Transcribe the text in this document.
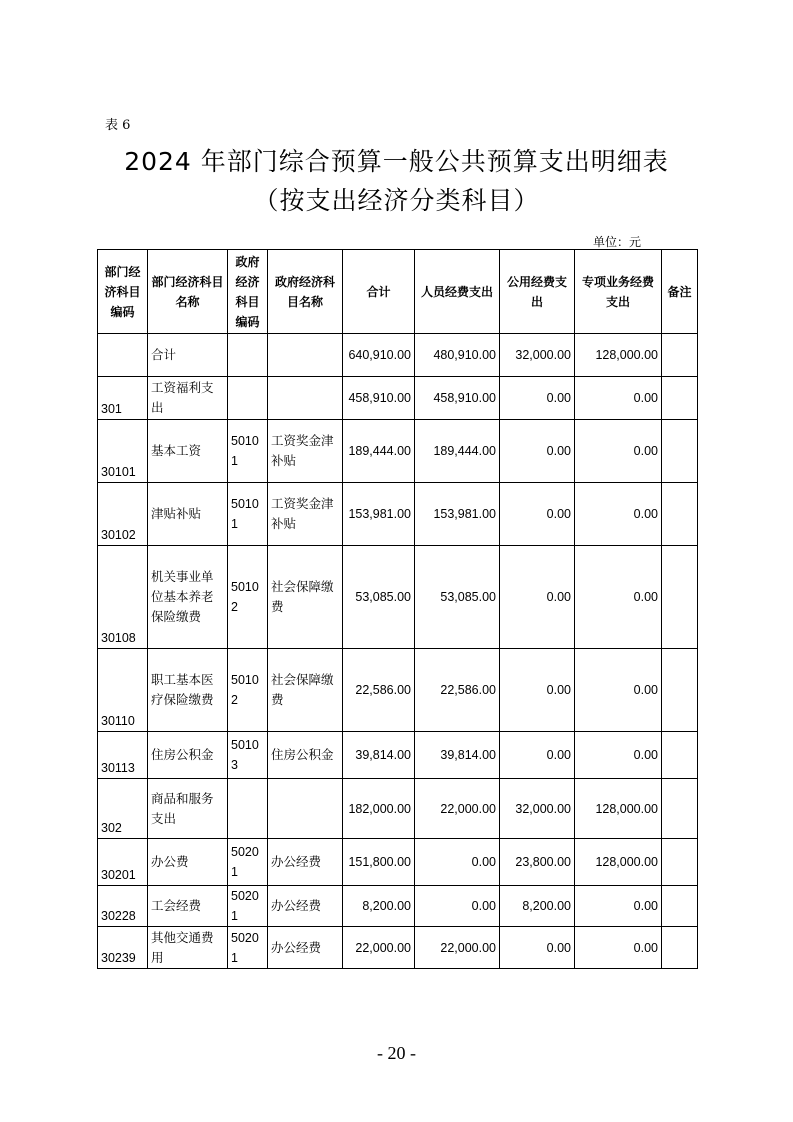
表 6
2024 年部门综合预算一般公共预算支出明细表
（按支出经济分类科目）
单位：元
部门经济科目编码	部门经济科目名称	政府经济科目编码	政府经济科目名称	合计	人员经费支出	公用经费支出	专项业务经费支出	备注
	合计			640,910.00	480,910.00	32,000.00	128,000.00	
301	工资福利支出			458,910.00	458,910.00	0.00	0.00	
30101	基本工资	50101	工资奖金津补贴	189,444.00	189,444.00	0.00	0.00	
30102	津贴补贴	50101	工资奖金津补贴	153,981.00	153,981.00	0.00	0.00	
30108	机关事业单位基本养老保险缴费	50102	社会保障缴费	53,085.00	53,085.00	0.00	0.00	
30110	职工基本医疗保险缴费	50102	社会保障缴费	22,586.00	22,586.00	0.00	0.00	
30113	住房公积金	50103	住房公积金	39,814.00	39,814.00	0.00	0.00	
302	商品和服务支出			182,000.00	22,000.00	32,000.00	128,000.00	
30201	办公费	50201	办公经费	151,800.00	0.00	23,800.00	128,000.00	
30228	工会经费	50201	办公经费	8,200.00	0.00	8,200.00	0.00	
30239	其他交通费用	50201	办公经费	22,000.00	22,000.00	0.00	0.00	
- 20 -
